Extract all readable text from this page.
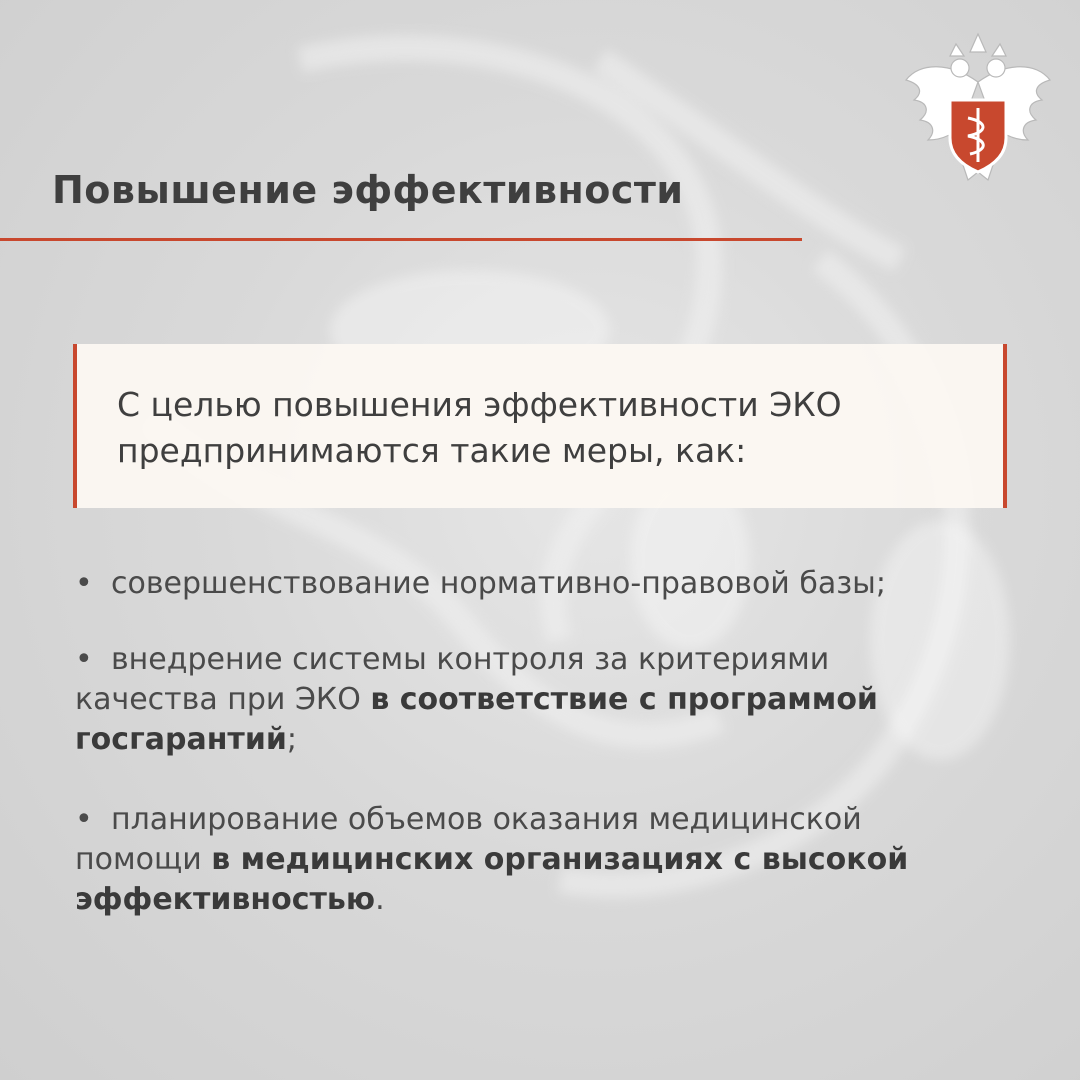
Повышение эффективности

С целью повышения эффективности ЭКО предпринимаются такие меры, как:

• совершенствование нормативно-правовой базы;
• внедрение системы контроля за критериями качества при ЭКО в соответствие с программой госгарантий;
• планирование объемов оказания медицинской помощи в медицинских организациях с высокой эффективностью.
